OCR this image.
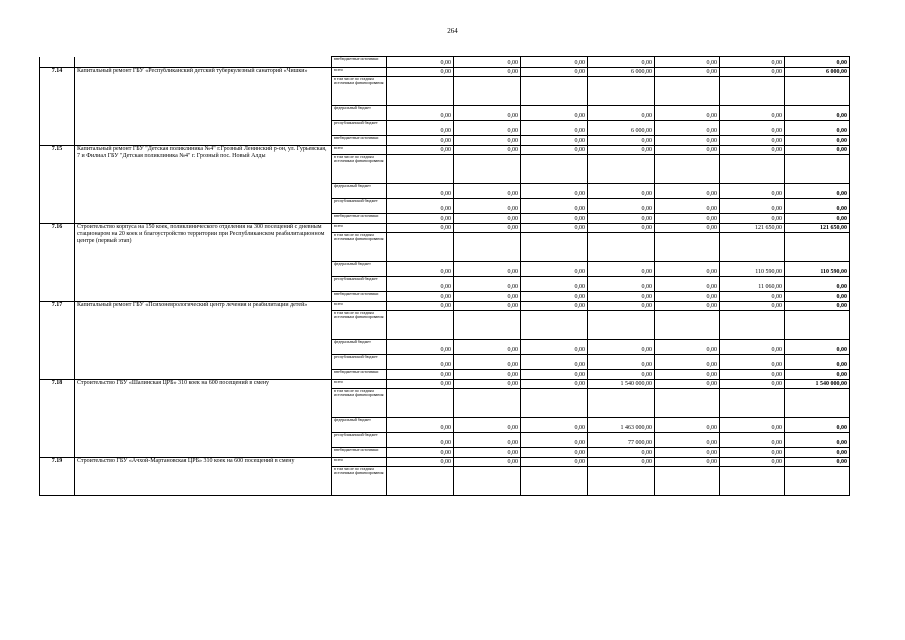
264
		внебюджетные источники	0,00	0,00	0,00	0,00	0,00	0,00	0,00
7.14	Капитальный ремонт ГБУ «Республиканский детский туберкулезный санаторий «Чишки»	всего	0,00	0,00	0,00	6 000,00	0,00	0,00	6 000,00
		в том числе по стадиям источникам финансирования							
		федеральный бюджет	0,00	0,00	0,00	0,00	0,00	0,00	0,00
		республиканский бюджет	0,00	0,00	0,00	6 000,00	0,00	0,00	0,00
		внебюджетные источники	0,00	0,00	0,00	0,00	0,00	0,00	0,00
7.15	Капитальный ремонт ГБУ "Детская поликлиника №4" г.Грозный Ленинский р-он, ул. Гурьевская, 7 и Филиал ГБУ "Детская поликлиника №4" г. Грозный пос. Новый Алды	всего	0,00	0,00	0,00	0,00	0,00	0,00	0,00
		в том числе по стадиям источникам финансирования							
		федеральный бюджет	0,00	0,00	0,00	0,00	0,00	0,00	0,00
		республиканский бюджет	0,00	0,00	0,00	0,00	0,00	0,00	0,00
		внебюджетные источники	0,00	0,00	0,00	0,00	0,00	0,00	0,00
7.16	Строительство корпуса на 150 коек, поликлинического отделения на 300 посещений с дневным стационаром на 20 коек и благоустройство территории при Республиканском реабилитационном центре (первый этап)	всего	0,00	0,00	0,00	0,00	0,00	121 650,00	121 650,00
		в том числе по стадиям источникам финансирования							
		федеральный бюджет	0,00	0,00	0,00	0,00	0,00	110 590,00	110 590,00
		республиканский бюджет	0,00	0,00	0,00	0,00	0,00	11 060,00	0,00
		внебюджетные источники	0,00	0,00	0,00	0,00	0,00	0,00	0,00
7.17	Капитальный ремонт ГБУ «Психоневрологический центр лечения и реабилитации детей»	всего	0,00	0,00	0,00	0,00	0,00	0,00	0,00
		в том числе по стадиям источникам финансирования							
		федеральный бюджет	0,00	0,00	0,00	0,00	0,00	0,00	0,00
		республиканский бюджет	0,00	0,00	0,00	0,00	0,00	0,00	0,00
		внебюджетные источники	0,00	0,00	0,00	0,00	0,00	0,00	0,00
7.18	Строительство ГБУ «Шалинская ЦРБ» 310 коек на 600 посещений в смену	всего	0,00	0,00	0,00	1 540 000,00	0,00	0,00	1 540 000,00
		в том числе по стадиям источникам финансирования							
		федеральный бюджет	0,00	0,00	0,00	1 463 000,00	0,00	0,00	0,00
		республиканский бюджет	0,00	0,00	0,00	77 000,00	0,00	0,00	0,00
		внебюджетные источники	0,00	0,00	0,00	0,00	0,00	0,00	0,00
7.19	Строительство ГБУ «Ачхой-Мартановская ЦРБ» 310 коек на 600 посещений в смену	всего	0,00	0,00	0,00	0,00	0,00	0,00	0,00
		в том числе по стадиям источникам финансирования							
